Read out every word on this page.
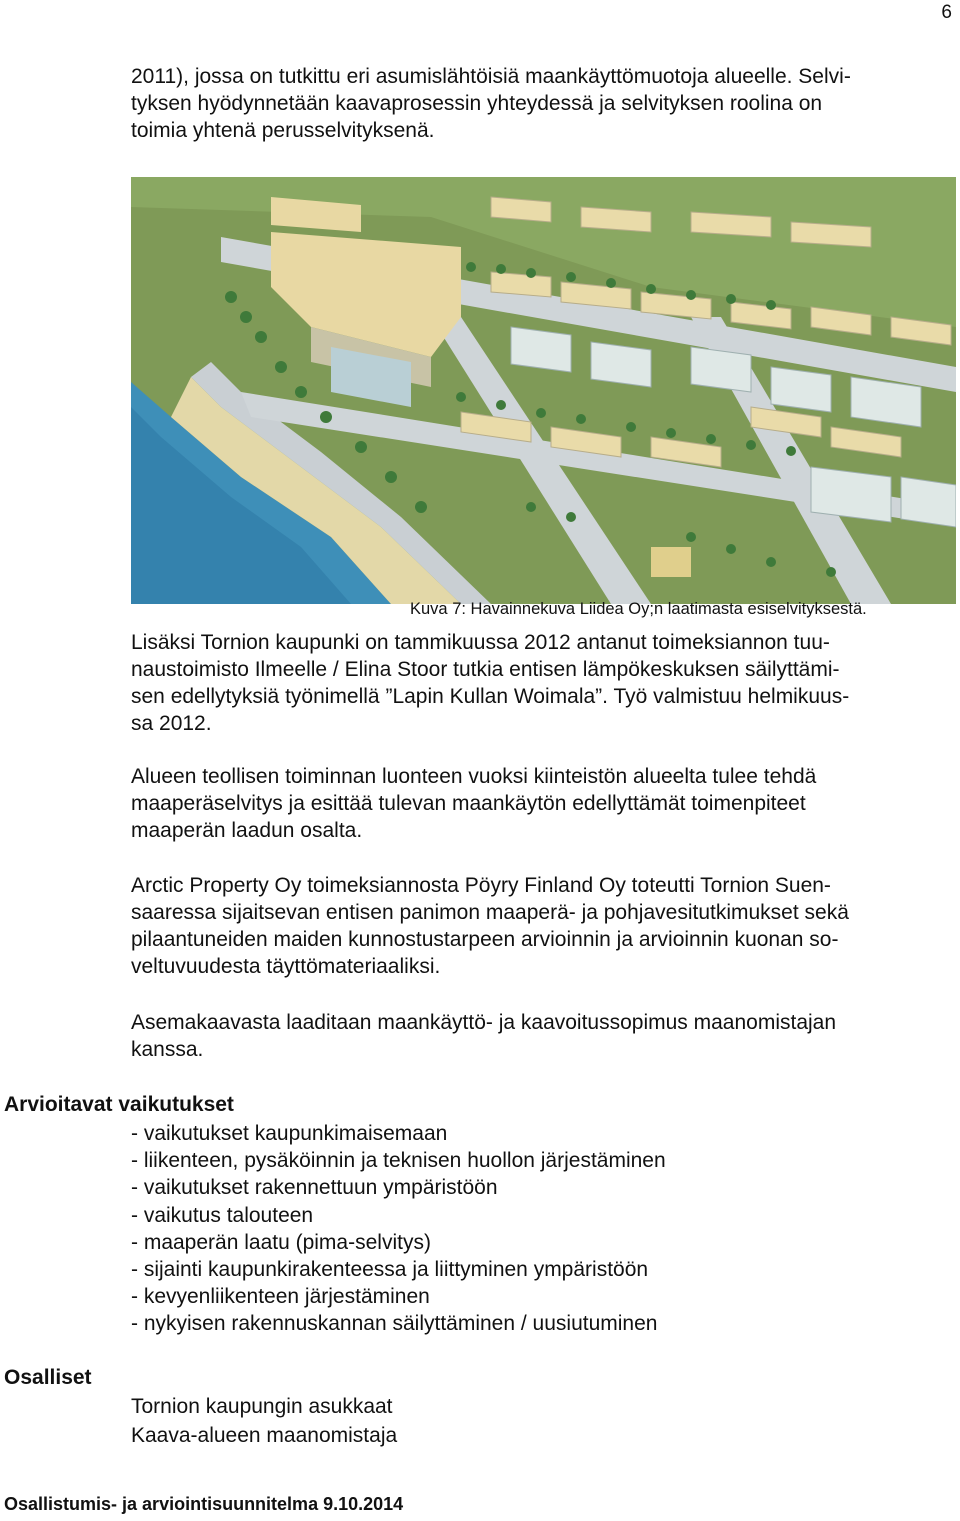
6

2011), jossa on tutkittu eri asumislähtöisiä maankäyttömuotoja alueelle. Selvi-
tyksen hyödynnetään kaavaprosessin yhteydessä ja selvityksen roolina on
toimia yhtenä perusselvityksenä.

Kuva 7: Havainnekuva Liidea Oy;n laatimasta esiselvityksestä.

Lisäksi Tornion kaupunki on tammikuussa 2012 antanut toimeksiannon tuu-
naustoimisto Ilmeelle / Elina Stoor tutkia entisen lämpökeskuksen säilyttämi-
sen edellytyksiä työnimellä ”Lapin Kullan Woimala”. Työ valmistuu helmikuus-
sa 2012.

Alueen teollisen toiminnan luonteen vuoksi kiinteistön alueelta tulee tehdä
maaperäselvitys ja esittää tulevan maankäytön edellyttämät toimenpiteet
maaperän laadun osalta.

Arctic Property Oy toimeksiannosta Pöyry Finland Oy toteutti Tornion Suen-
saaressa sijaitsevan entisen panimon maaperä- ja pohjavesitutkimukset sekä
pilaantuneiden maiden kunnostustarpeen arvioinnin ja arvioinnin kuonan so-
veltuvuudesta täyttömateriaaliksi.

Asemakaavasta laaditaan maankäyttö- ja kaavoitussopimus maanomistajan
kanssa.

Arvioitavat vaikutukset
- vaikutukset kaupunkimaisemaan
- liikenteen, pysäköinnin ja teknisen huollon järjestäminen
- vaikutukset rakennettuun ympäristöön
- vaikutus talouteen
- maaperän laatu (pima-selvitys)
- sijainti kaupunkirakenteessa ja liittyminen ympäristöön
- kevyenliikenteen järjestäminen
- nykyisen rakennuskannan säilyttäminen / uusiutuminen
Osalliset
Tornion kaupungin asukkaat
Kaava-alueen maanomistaja
Osallistumis- ja arviointisuunnitelma 9.10.2014
